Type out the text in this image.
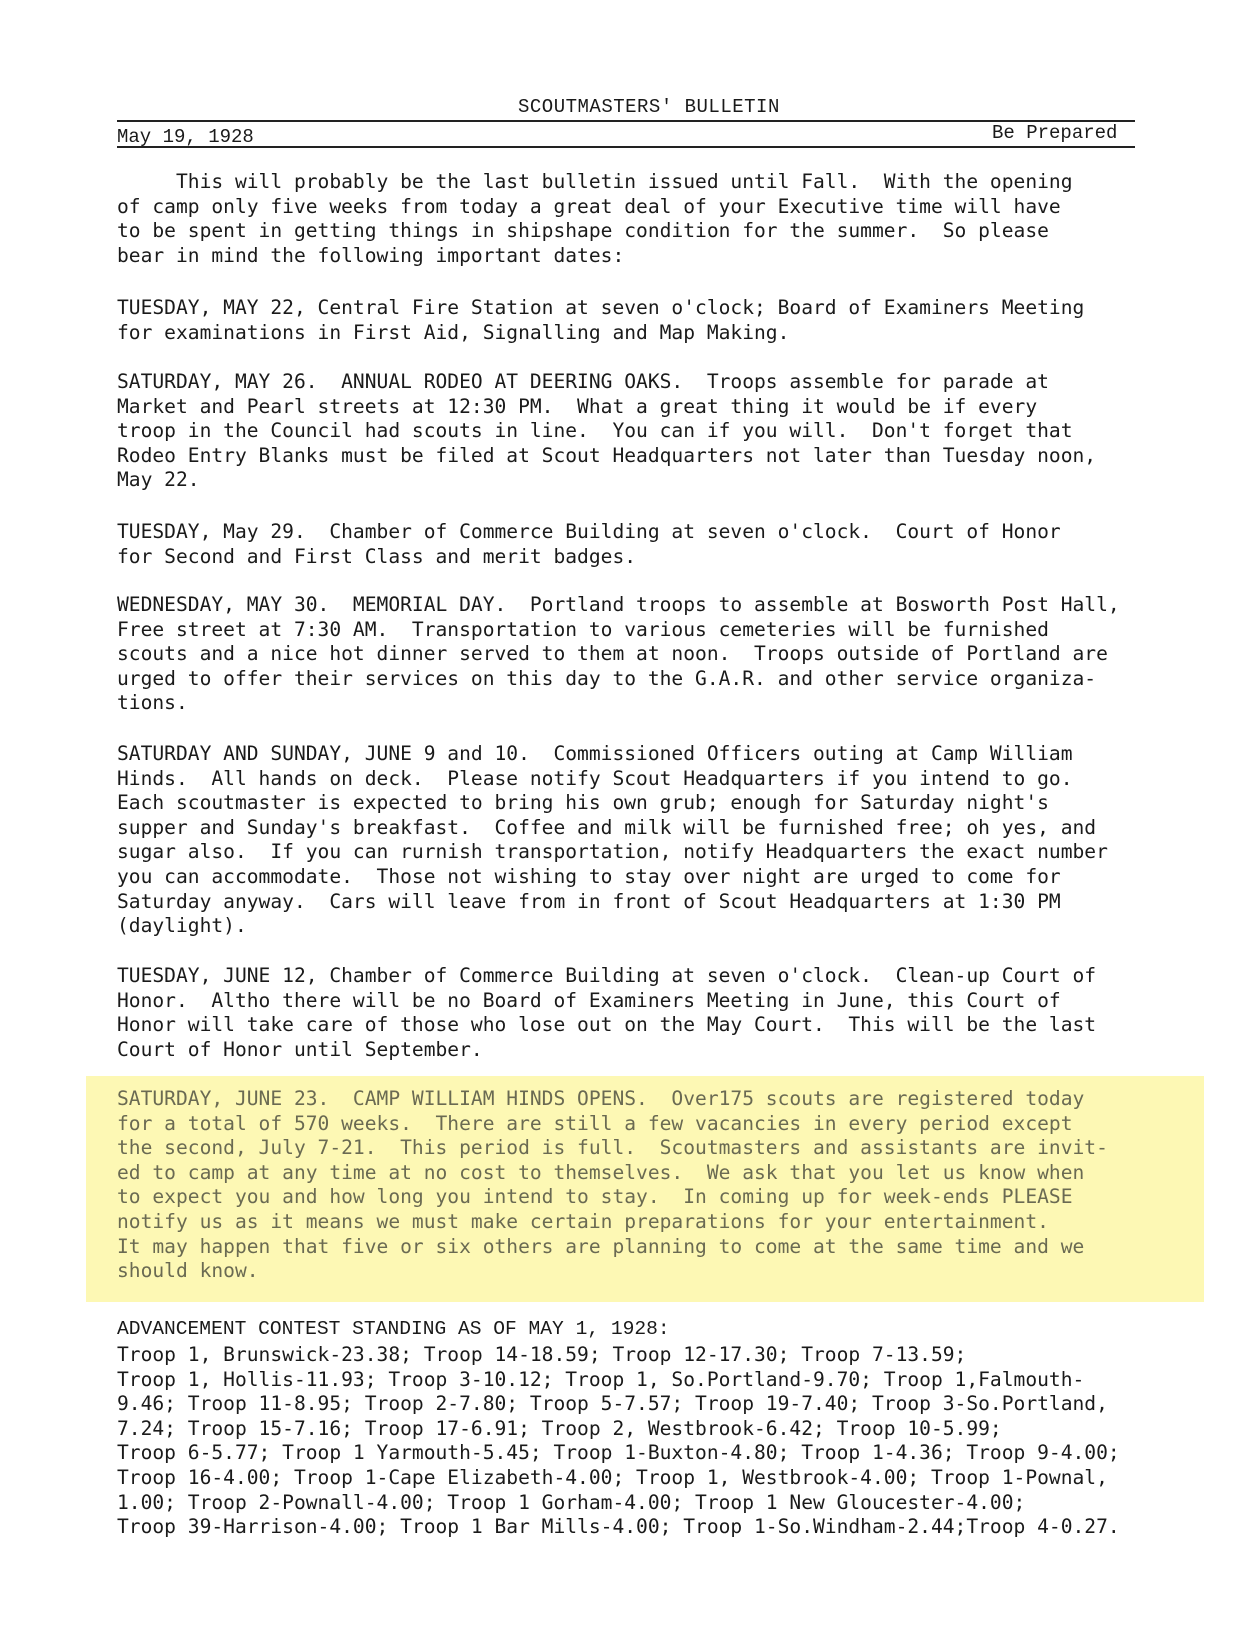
SCOUTMASTERS' BULLETIN
May 19, 1928	Be Prepared
This will probably be the last bulletin issued until Fall.  With the opening
of camp only five weeks from today a great deal of your Executive time will have
to be spent in getting things in shipshape condition for the summer.  So please
bear in mind the following important dates:
TUESDAY, MAY 22, Central Fire Station at seven o'clock; Board of Examiners Meeting
for examinations in First Aid, Signalling and Map Making.
SATURDAY, MAY 26.  ANNUAL RODEO AT DEERING OAKS.  Troops assemble for parade at
Market and Pearl streets at 12:30 PM.  What a great thing it would be if every
troop in the Council had scouts in line.  You can if you will.  Don't forget that
Rodeo Entry Blanks must be filed at Scout Headquarters not later than Tuesday noon,
May 22.
TUESDAY, May 29.  Chamber of Commerce Building at seven o'clock.  Court of Honor
for Second and First Class and merit badges.
WEDNESDAY, MAY 30.  MEMORIAL DAY.  Portland troops to assemble at Bosworth Post Hall,
Free street at 7:30 AM.  Transportation to various cemeteries will be furnished
scouts and a nice hot dinner served to them at noon.  Troops outside of Portland are
urged to offer their services on this day to the G.A.R. and other service organiza-
tions.
SATURDAY AND SUNDAY, JUNE 9 and 10.  Commissioned Officers outing at Camp William
Hinds.  All hands on deck.  Please notify Scout Headquarters if you intend to go.
Each scoutmaster is expected to bring his own grub; enough for Saturday night's
supper and Sunday's breakfast.  Coffee and milk will be furnished free; oh yes, and
sugar also.  If you can rurnish transportation, notify Headquarters the exact number
you can accommodate.  Those not wishing to stay over night are urged to come for
Saturday anyway.  Cars will leave from in front of Scout Headquarters at 1:30 PM
(daylight).
TUESDAY, JUNE 12, Chamber of Commerce Building at seven o'clock.  Clean-up Court of
Honor.  Altho there will be no Board of Examiners Meeting in June, this Court of
Honor will take care of those who lose out on the May Court.  This will be the last
Court of Honor until September.
SATURDAY, JUNE 23.  CAMP WILLIAM HINDS OPENS.  Over175 scouts are registered today
for a total of 570 weeks.  There are still a few vacancies in every period except
the second, July 7-21.  This period is full.  Scoutmasters and assistants are invit-
ed to camp at any time at no cost to themselves.  We ask that you let us know when
to expect you and how long you intend to stay.  In coming up for week-ends PLEASE
notify us as it means we must make certain preparations for your entertainment.
It may happen that five or six others are planning to come at the same time and we
should know.
ADVANCEMENT CONTEST STANDING AS OF MAY 1, 1928:
Troop 1, Brunswick-23.38; Troop 14-18.59; Troop 12-17.30; Troop 7-13.59;
Troop 1, Hollis-11.93; Troop 3-10.12; Troop 1, So.Portland-9.70; Troop 1,Falmouth-
9.46; Troop 11-8.95; Troop 2-7.80; Troop 5-7.57; Troop 19-7.40; Troop 3-So.Portland,
7.24; Troop 15-7.16; Troop 17-6.91; Troop 2, Westbrook-6.42; Troop 10-5.99;
Troop 6-5.77; Troop 1 Yarmouth-5.45; Troop 1-Buxton-4.80; Troop 1-4.36; Troop 9-4.00;
Troop 16-4.00; Troop 1-Cape Elizabeth-4.00; Troop 1, Westbrook-4.00; Troop 1-Pownal,
1.00; Troop 2-Pownall-4.00; Troop 1 Gorham-4.00; Troop 1 New Gloucester-4.00;
Troop 39-Harrison-4.00; Troop 1 Bar Mills-4.00; Troop 1-So.Windham-2.44;Troop 4-0.27.
